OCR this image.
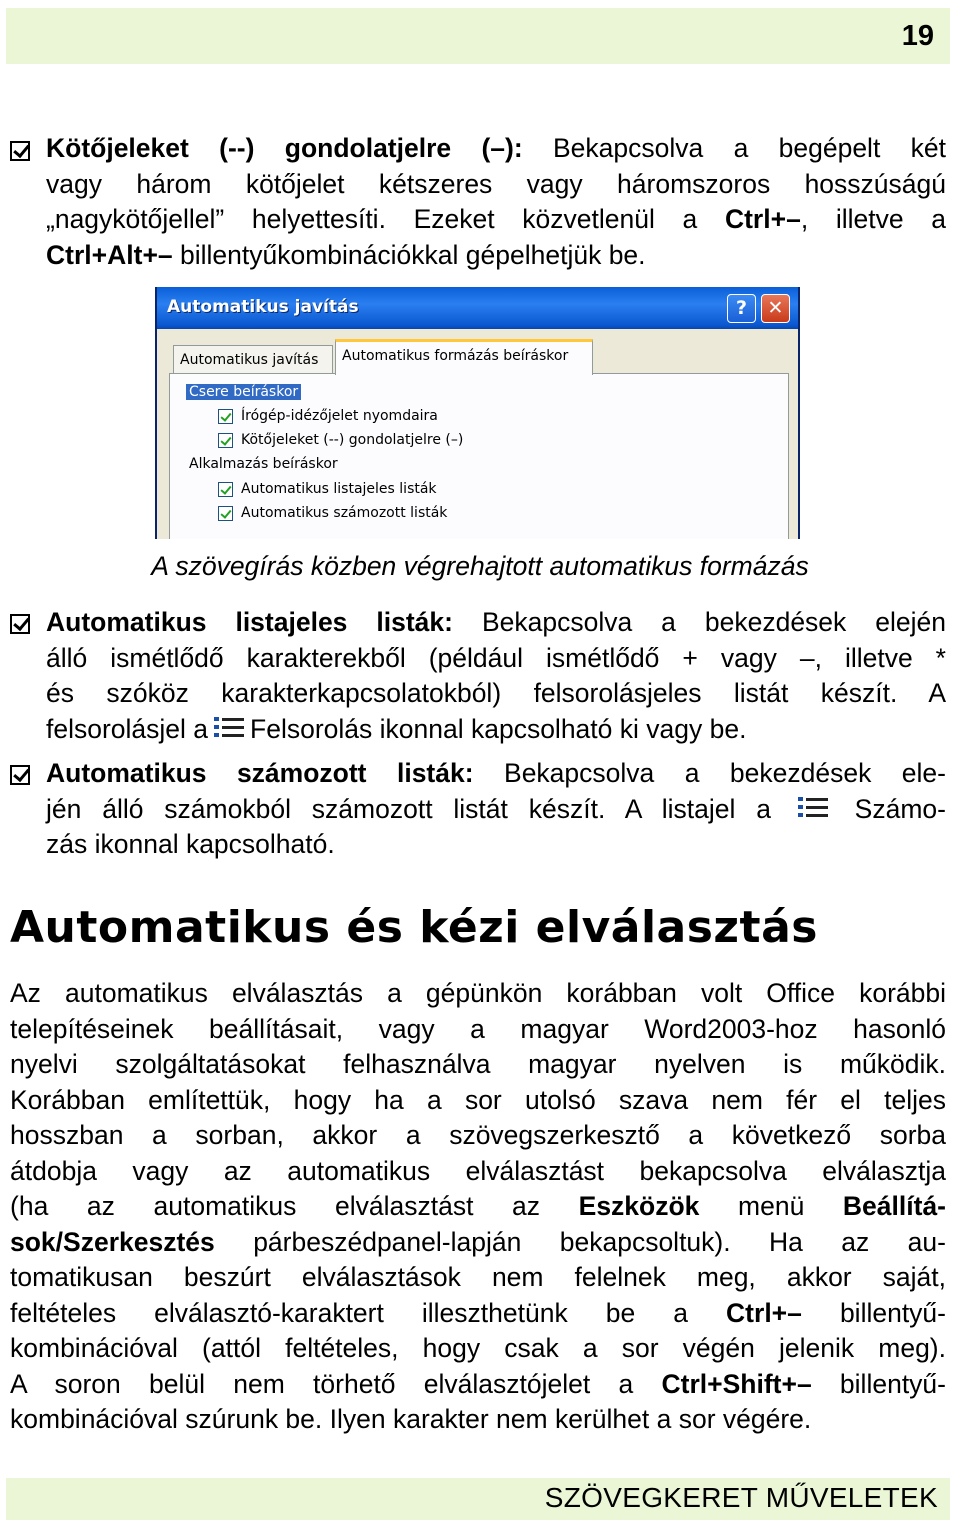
19
Kötőjeleket (--) gondolatjelre (–): Bekapcsolva a begépelt két
vagy három kötőjelet kétszeres vagy háromszoros hosszúságú
„nagykötőjellel” helyettesíti. Ezeket közvetlenül a Ctrl+–, illetve a
Ctrl+Alt+– billentyűkombinációkkal gépelhetjük be.
Automatikus javítás	?	✕
Csere beíráskor
Írógép-idézőjelet nyomdaira
Kötőjeleket (--) gondolatjelre (–)
Alkalmazás beíráskor
Automatikus listajeles listák
Automatikus számozott listák
Automatikus javítás	Automatikus formázás beíráskor
A szövegírás közben végrehajtott automatikus formázás
Automatikus listajeles listák: Bekapcsolva a bekezdések elején
álló ismétlődő karakterekből (például ismétlődő + vagy –, illetve *
és szóköz karakterkapcsolatokból) felsorolásjeles listát készít. A
felsorolásjel a Felsorolás ikonnal kapcsolható ki vagy be.
Automatikus számozott listák: Bekapcsolva a bekezdések ele-
jén álló számokból számozott listát készít. A listajel a	Számo-
zás ikonnal kapcsolható.
Automatikus és kézi elválasztás
Az automatikus elválasztás a gépünkön korábban volt Office korábbi
telepítéseinek beállításait, vagy a magyar Word2003-hoz hasonló
nyelvi szolgáltatásokat felhasználva magyar nyelven is működik.
Korábban említettük, hogy ha a sor utolsó szava nem fér el teljes
hosszban a sorban, akkor a szövegszerkesztő a következő sorba
átdobja vagy az automatikus elválasztást bekapcsolva elválasztja
(ha az automatikus elválasztást az Eszközök menü Beállítá-
sok/Szerkesztés párbeszédpanel-lapján bekapcsoltuk). Ha az au-
tomatikusan beszúrt elválasztások nem felelnek meg, akkor saját,
feltételes elválasztó-karaktert illeszthetünk be a Ctrl+– billentyű-
kombinációval (attól feltételes, hogy csak a sor végén jelenik meg).
A soron belül nem törhető elválasztójelet a Ctrl+Shift+– billentyű-
kombinációval szúrunk be. Ilyen karakter nem kerülhet a sor végére.
SZÖVEGKERET MŰVELETEK
